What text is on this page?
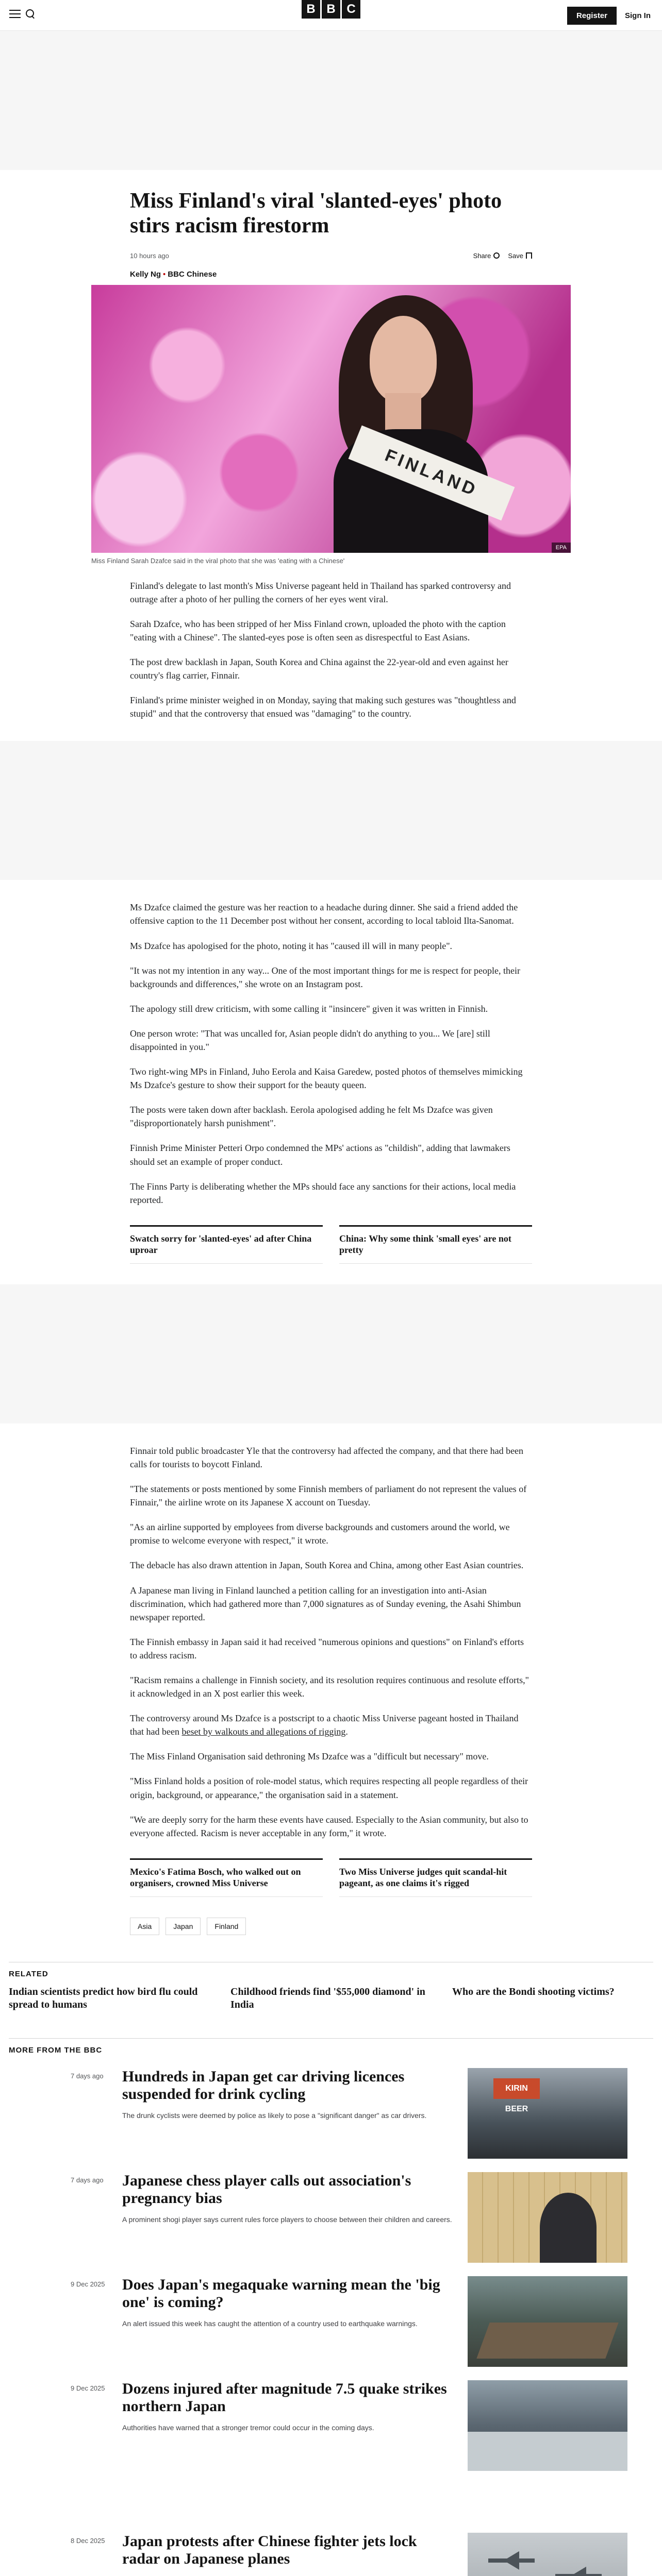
B B C	Register	Sign In
Miss Finland's viral 'slanted-eyes' photo stirs racism firestorm
10 hours ago	Share	Save
Kelly Ng • BBC Chinese
FINLAND
EPA
Miss Finland Sarah Dzafce said in the viral photo that she was 'eating with a Chinese'

Finland's delegate to last month's Miss Universe pageant held in Thailand has sparked controversy and outrage after a photo of her pulling the corners of her eyes went viral.

Sarah Dzafce, who has been stripped of her Miss Finland crown, uploaded the photo with the caption "eating with a Chinese". The slanted-eyes pose is often seen as disrespectful to East Asians.

The post drew backlash in Japan, South Korea and China against the 22-year-old and even against her country's flag carrier, Finnair.

Finland's prime minister weighed in on Monday, saying that making such gestures was "thoughtless and stupid" and that the controversy that ensued was "damaging" to the country.

Ms Dzafce claimed the gesture was her reaction to a headache during dinner. She said a friend added the offensive caption to the 11 December post without her consent, according to local tabloid Ilta-Sanomat.

Ms Dzafce has apologised for the photo, noting it has "caused ill will in many people".

"It was not my intention in any way... One of the most important things for me is respect for people, their backgrounds and differences," she wrote on an Instagram post.

The apology still drew criticism, with some calling it "insincere" given it was written in Finnish.

One person wrote: "That was uncalled for, Asian people didn't do anything to you... We [are] still disappointed in you."

Two right-wing MPs in Finland, Juho Eerola and Kaisa Garedew, posted photos of themselves mimicking Ms Dzafce's gesture to show their support for the beauty queen.

The posts were taken down after backlash. Eerola apologised adding he felt Ms Dzafce was given "disproportionately harsh punishment".

Finnish Prime Minister Petteri Orpo condemned the MPs' actions as "childish", adding that lawmakers should set an example of proper conduct.

The Finns Party is deliberating whether the MPs should face any sanctions for their actions, local media reported.

Swatch sorry for 'slanted-eyes' ad after China uproar
China: Why some think 'small eyes' are not pretty

Finnair told public broadcaster Yle that the controversy had affected the company, and that there had been calls for tourists to boycott Finland.

"The statements or posts mentioned by some Finnish members of parliament do not represent the values of Finnair," the airline wrote on its Japanese X account on Tuesday.

"As an airline supported by employees from diverse backgrounds and customers around the world, we promise to welcome everyone with respect," it wrote.

The debacle has also drawn attention in Japan, South Korea and China, among other East Asian countries.

A Japanese man living in Finland launched a petition calling for an investigation into anti-Asian discrimination, which had gathered more than 7,000 signatures as of Sunday evening, the Asahi Shimbun newspaper reported.

The Finnish embassy in Japan said it had received "numerous opinions and questions" on Finland's efforts to address racism.

"Racism remains a challenge in Finnish society, and its resolution requires continuous and resolute efforts," it acknowledged in an X post earlier this week.

The controversy around Ms Dzafce is a postscript to a chaotic Miss Universe pageant hosted in Thailand that had been beset by walkouts and allegations of rigging.

The Miss Finland Organisation said dethroning Ms Dzafce was a "difficult but necessary" move.

"Miss Finland holds a position of role-model status, which requires respecting all people regardless of their origin, background, or appearance," the organisation said in a statement.

"We are deeply sorry for the harm these events have caused. Especially to the Asian community, but also to everyone affected. Racism is never acceptable in any form," it wrote.

Mexico's Fatima Bosch, who walked out on organisers, crowned Miss Universe
Two Miss Universe judges quit scandal-hit pageant, as one claims it's rigged
Asia	Japan	Finland
RELATED
Indian scientists predict how bird flu could spread to humans
Childhood friends find '$55,000 diamond' in India
Who are the Bondi shooting victims?
MORE FROM THE BBC
7 days ago	Hundreds in Japan get car driving licences suspended for drink cycling
The drunk cyclists were deemed by police as likely to pose a "significant danger" as car drivers.
KIRIN BEER
7 days ago	Japanese chess player calls out association's pregnancy bias
A prominent shogi player says current rules force players to choose between their children and careers.
9 Dec 2025	Does Japan's megaquake warning mean the 'big one' is coming?
An alert issued this week has caught the attention of a country used to earthquake warnings.
9 Dec 2025	Dozens injured after magnitude 7.5 quake strikes northern Japan
Authorities have warned that a stronger tremor could occur in the coming days.
8 Dec 2025	Japan protests after Chinese fighter jets lock radar on Japanese planes
